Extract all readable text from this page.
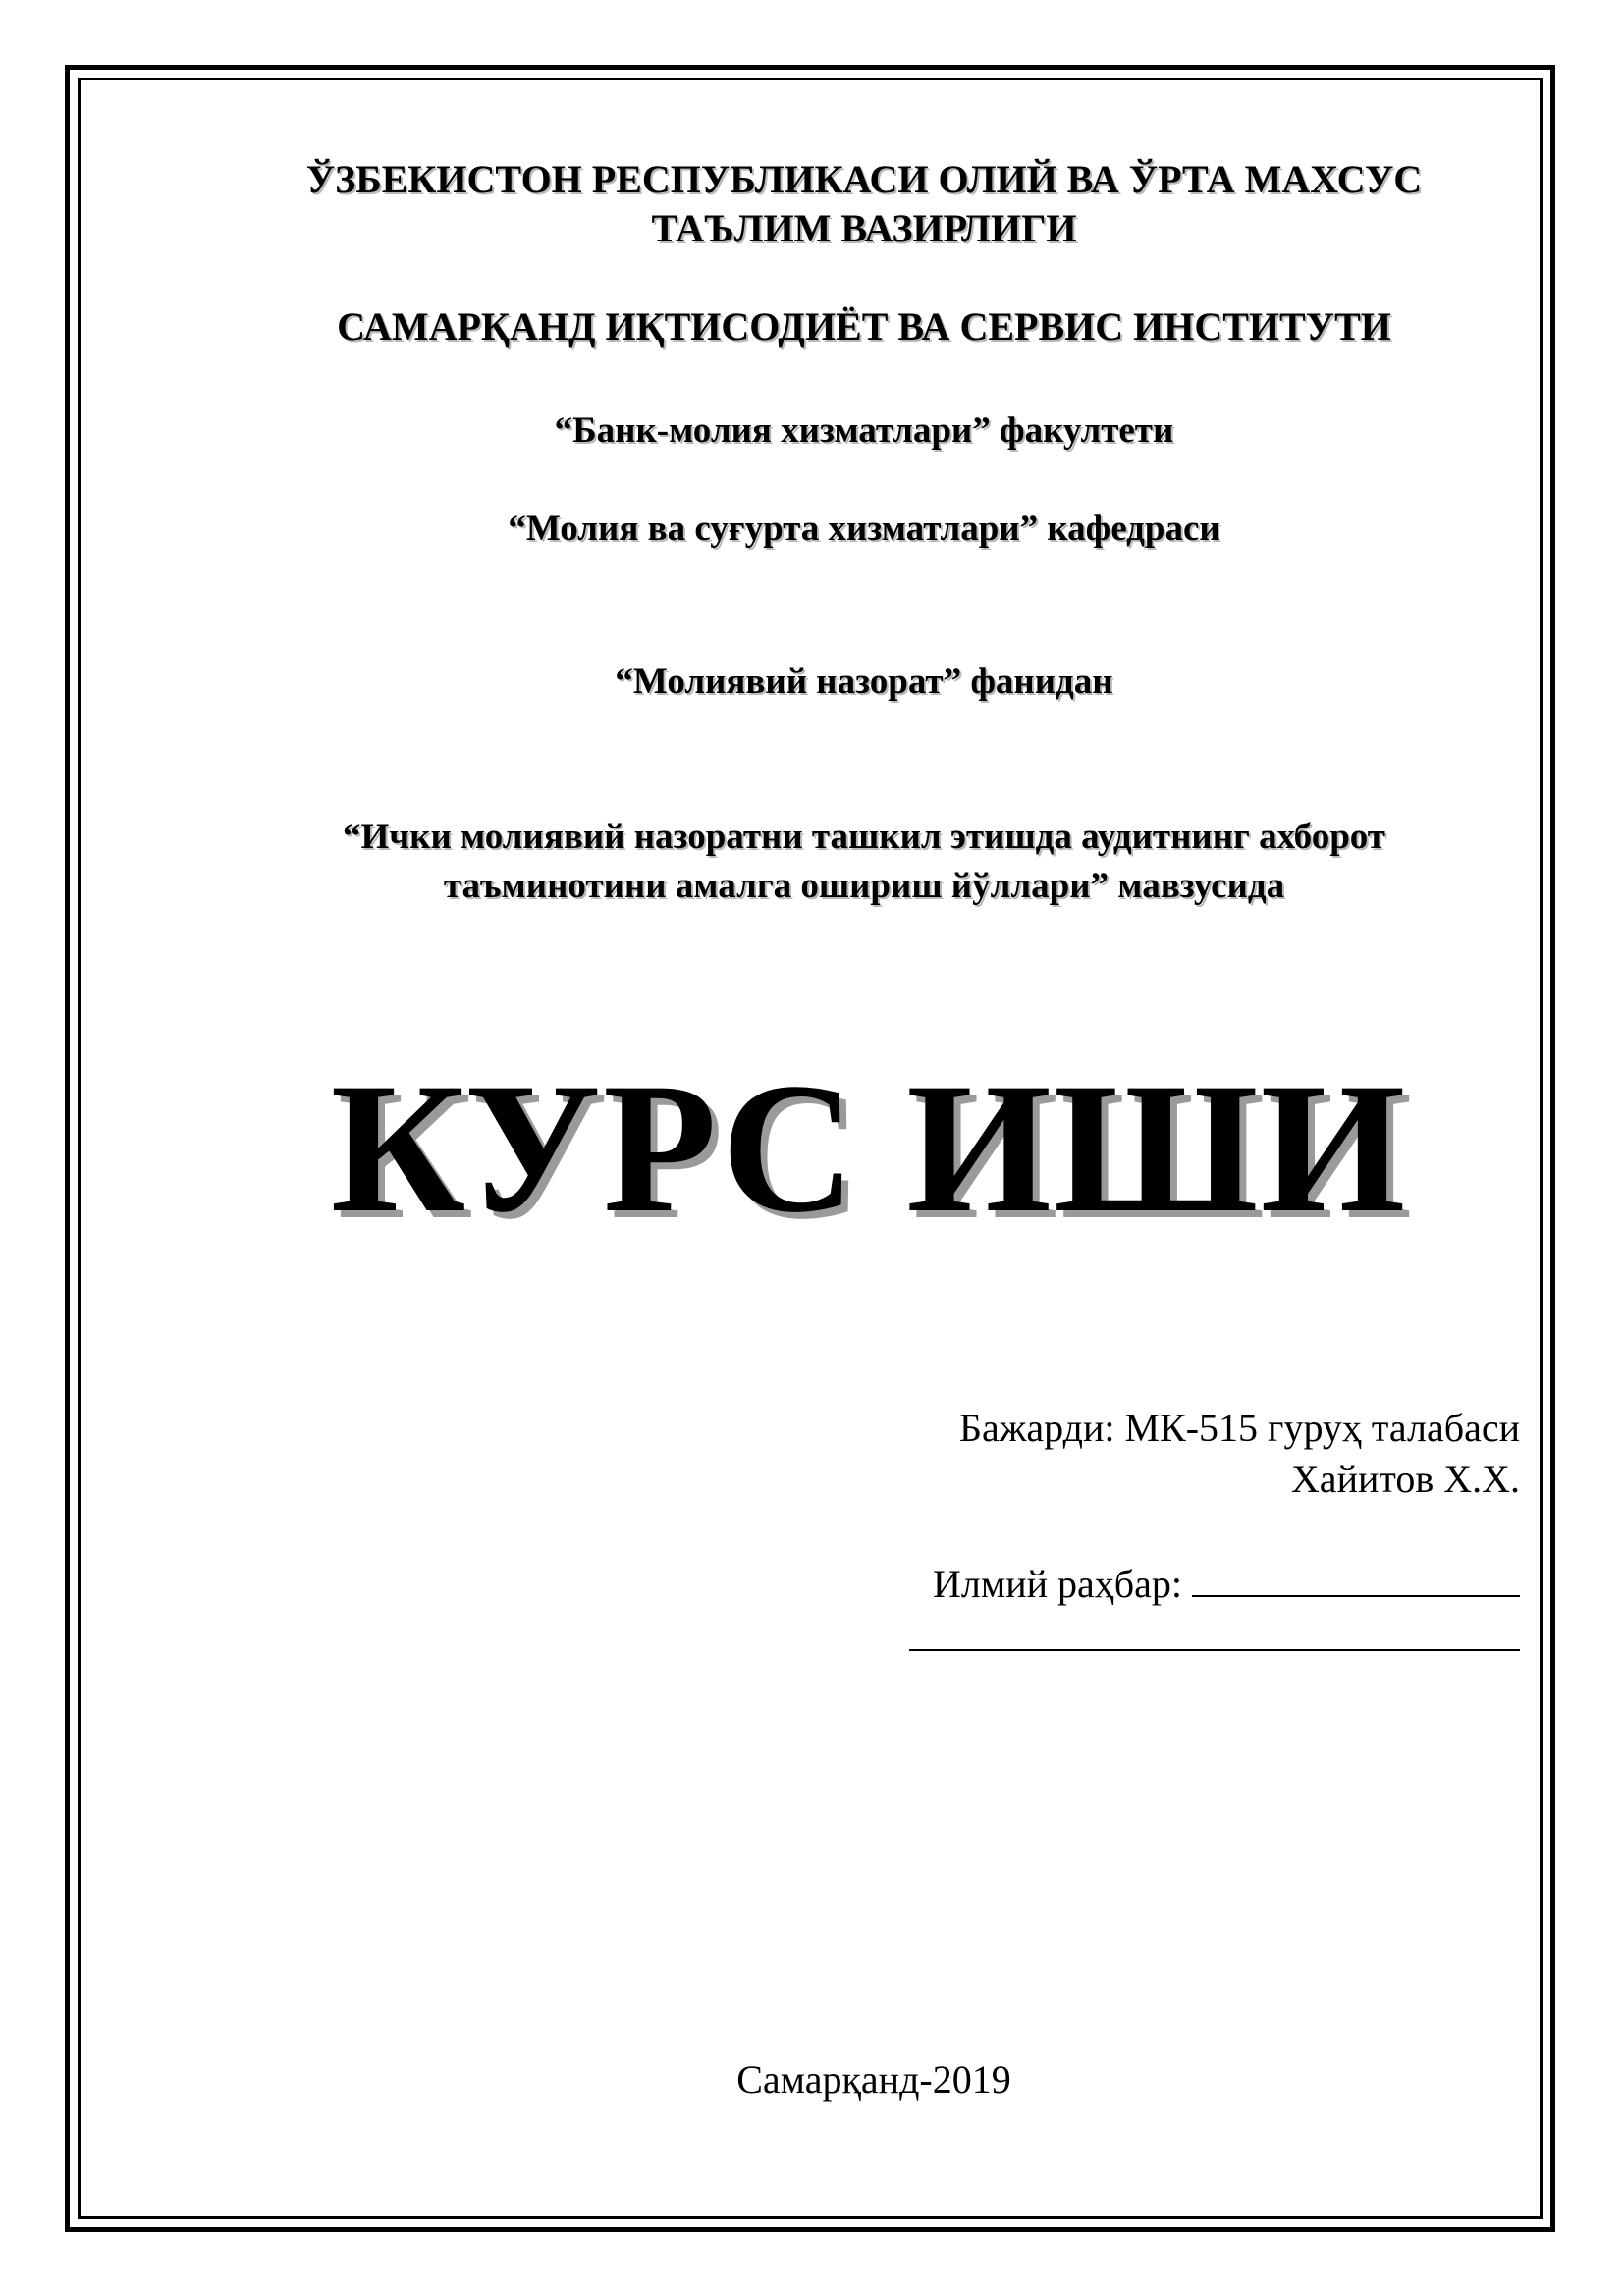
ЎЗБЕКИСТОН РЕСПУБЛИКАСИ ОЛИЙ ВА ЎРТА МАХСУС
ТАЪЛИМ ВАЗИРЛИГИ
САМАРҚАНД ИҚТИСОДИЁТ ВА СЕРВИС ИНСТИТУТИ
“Банк-молия хизматлари” факултети
“Молия ва суғурта хизматлари” кафедраси
“Молиявий назорат” фанидан
“Ички молиявий назоратни ташкил этишда аудитнинг ахборот
таъминотини амалга ошириш йўллари” мавзусида
КУРС ИШИ
Бажарди: МК-515 гуруҳ талабаси
Хайитов Х.Х.
Илмий раҳбар:
Самарқанд-2019
